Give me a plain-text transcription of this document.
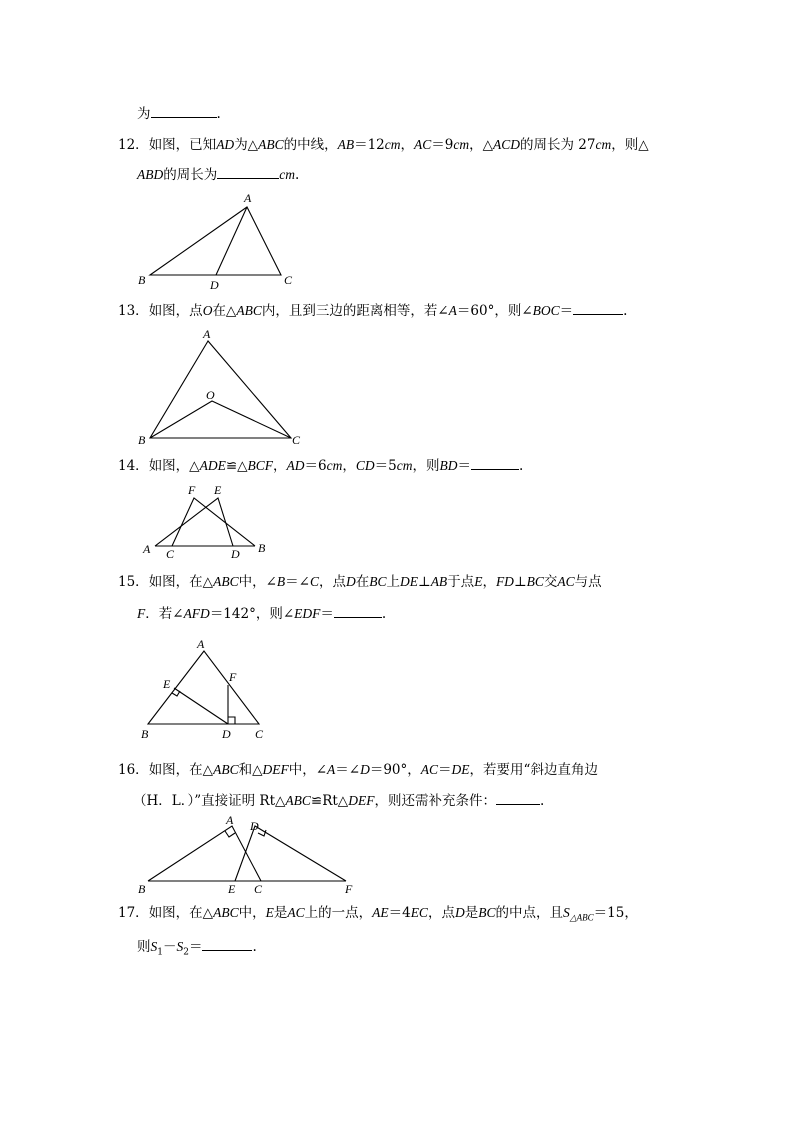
为	.
12．如图，已知AD为△ABC的中线，AB＝12cm，AC＝9cm，△ACD的周长为 27cm，则△
ABD的周长为	cm.
A
B	C
D
13．如图，点O在△ABC内，且到三边的距离相等，若∠A＝60°，则∠BOC＝	.
A
B	C
O
14．如图，△ADE≌△BCF，AD＝6cm，CD＝5cm，则BD＝	.
A C	D B
F E
15．如图，在△ABC中，∠B＝∠C，点D在BC上DE⊥AB于点E，FD⊥BC交AC与点
F．若∠AFD＝142°，则∠EDF＝	.
A
E	F
B	D C
16．如图，在△ABC和△DEF中，∠A＝∠D＝90°，AC＝DE，若要用“斜边直角边
（H．L．）”直接证明 Rt△ABC≌Rt△DEF，则还需补充条件：	.
A D
B	E C	F
17．如图，在△ABC中，E是AC上的一点，AE＝4EC，点D是BC的中点，且$S_{\triangle ABC}=15$，
则$S_1-S_2=$	.
